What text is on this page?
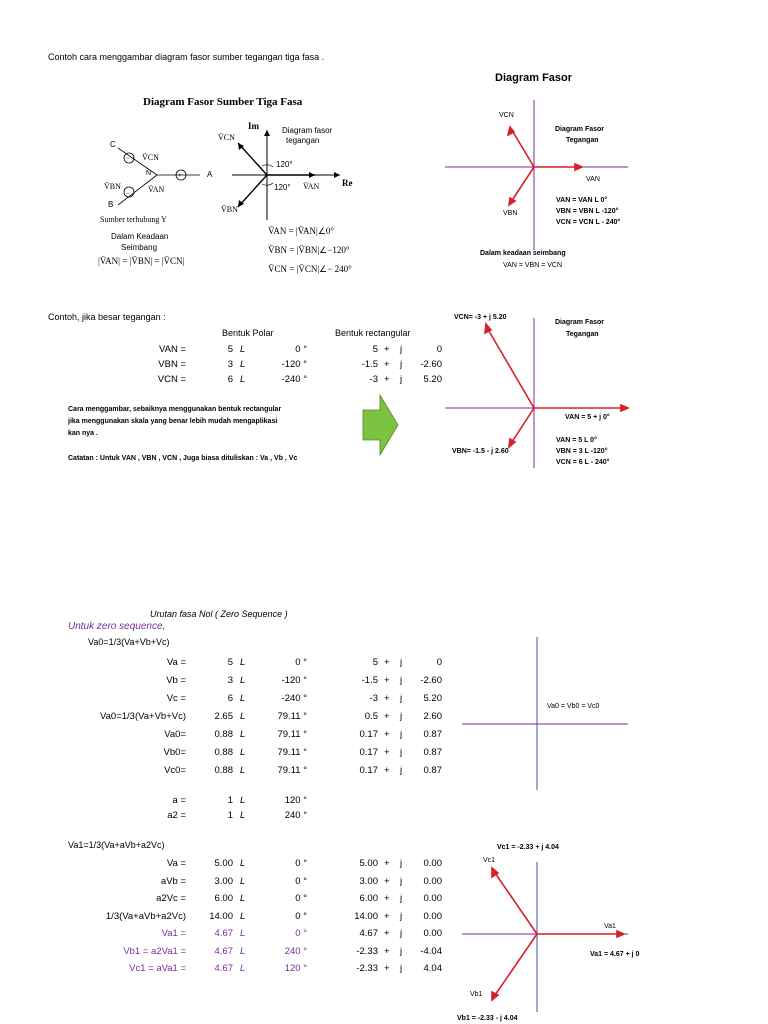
Contoh cara menggambar diagram fasor sumber tegangan tiga fasa .
Diagram Fasor
Diagram Fasor Sumber Tiga Fasa
−
−
+
C
B
A
N
V̄CN
V̄BN	V̄AN
Im
Re
Diagram fasor
tegangan
120°
120°
V̄CN
V̄BN
V̄AN
Sumber terhubung Y
Dalam Keadaan
Seimbang
|V̄AN| = |V̄BN| = |V̄CN|
V̄AN = |V̄AN|∠0°
V̄BN = |V̄BN|∠−120°
V̄CN = |V̄CN|∠− 240°
VCN
VAN
VBN
Diagram Fasor
Tegangan
VAN = VAN L 0°
VBN = VBN L -120°
VCN = VCN L - 240°
Dalam keadaan seimbang
VAN = VBN = VCN
Contoh, jika besar tegangan :
Bentuk Polar	Bentuk rectangular
VAN =	5 L	0 °	5 + j	0
VBN =	3 L	-120 °	-1.5 + j -2.60
VCN =	6 L	-240 °	-3 + j 5.20
Cara menggambar, sebaiknya menggunakan bentuk rectangular
jika menggunakan skala yang benar lebih mudah mengaplikasi
kan nya .
Catatan : Untuk VAN , VBN , VCN , Juga biasa dituliskan : Va , Vb , Vc
VCN= -3 + j 5.20
VAN = 5 + j 0°
VBN= -1.5 - j 2.60
Diagram Fasor
Tegangan
VAN = 5 L 0°
VBN = 3 L -120°
VCN = 6 L - 240°
Urutan fasa Nol ( Zero Sequence )
Untuk zero sequence,
Va0=1/3(Va+Vb+Vc)
Va =	5 L	0 °	5 + j	0
Vb =	3 L	-120 °	-1.5 + j -2.60
Vc =	6 L	-240 °	-3 + j 5.20
Va0=1/3(Va+Vb+Vc)	2.65 L	79.11 °	0.5 + j 2.60
Va0=	0.88 L	79.11 °	0.17 + j 0.87
Vb0=	0.88 L	79.11 °	0.17 + j 0.87
Vc0=	0.88 L	79.11 °	0.17 + j 0.87
a =	1 L	120 °
a2 =	1 L	240 °
Va0 = Vb0 = Vc0
Va1=1/3(Va+aVb+a2Vc)
Va =	5.00 L	0 °	5.00 + j 0.00
aVb =	3.00 L	0 °	3.00 + j 0.00
a2Vc =	6.00 L	0 °	6.00 + j 0.00
1/3(Va+aVb+a2Vc) 14.00 L	0 °	14.00 + j 0.00
Va1 =	4.67 L	0 °	4.67 + j 0.00
Vb1 = a2Va1 =	4.67 L	240 °	-2.33 + j -4.04
Vc1 = aVa1 =	4.67 L	120 °	-2.33 + j 4.04
Vc1 = -2.33 + j 4.04
Vc1
Va1
Va1 = 4.67 + j 0
Vb1
Vb1 = -2.33 - j 4.04
